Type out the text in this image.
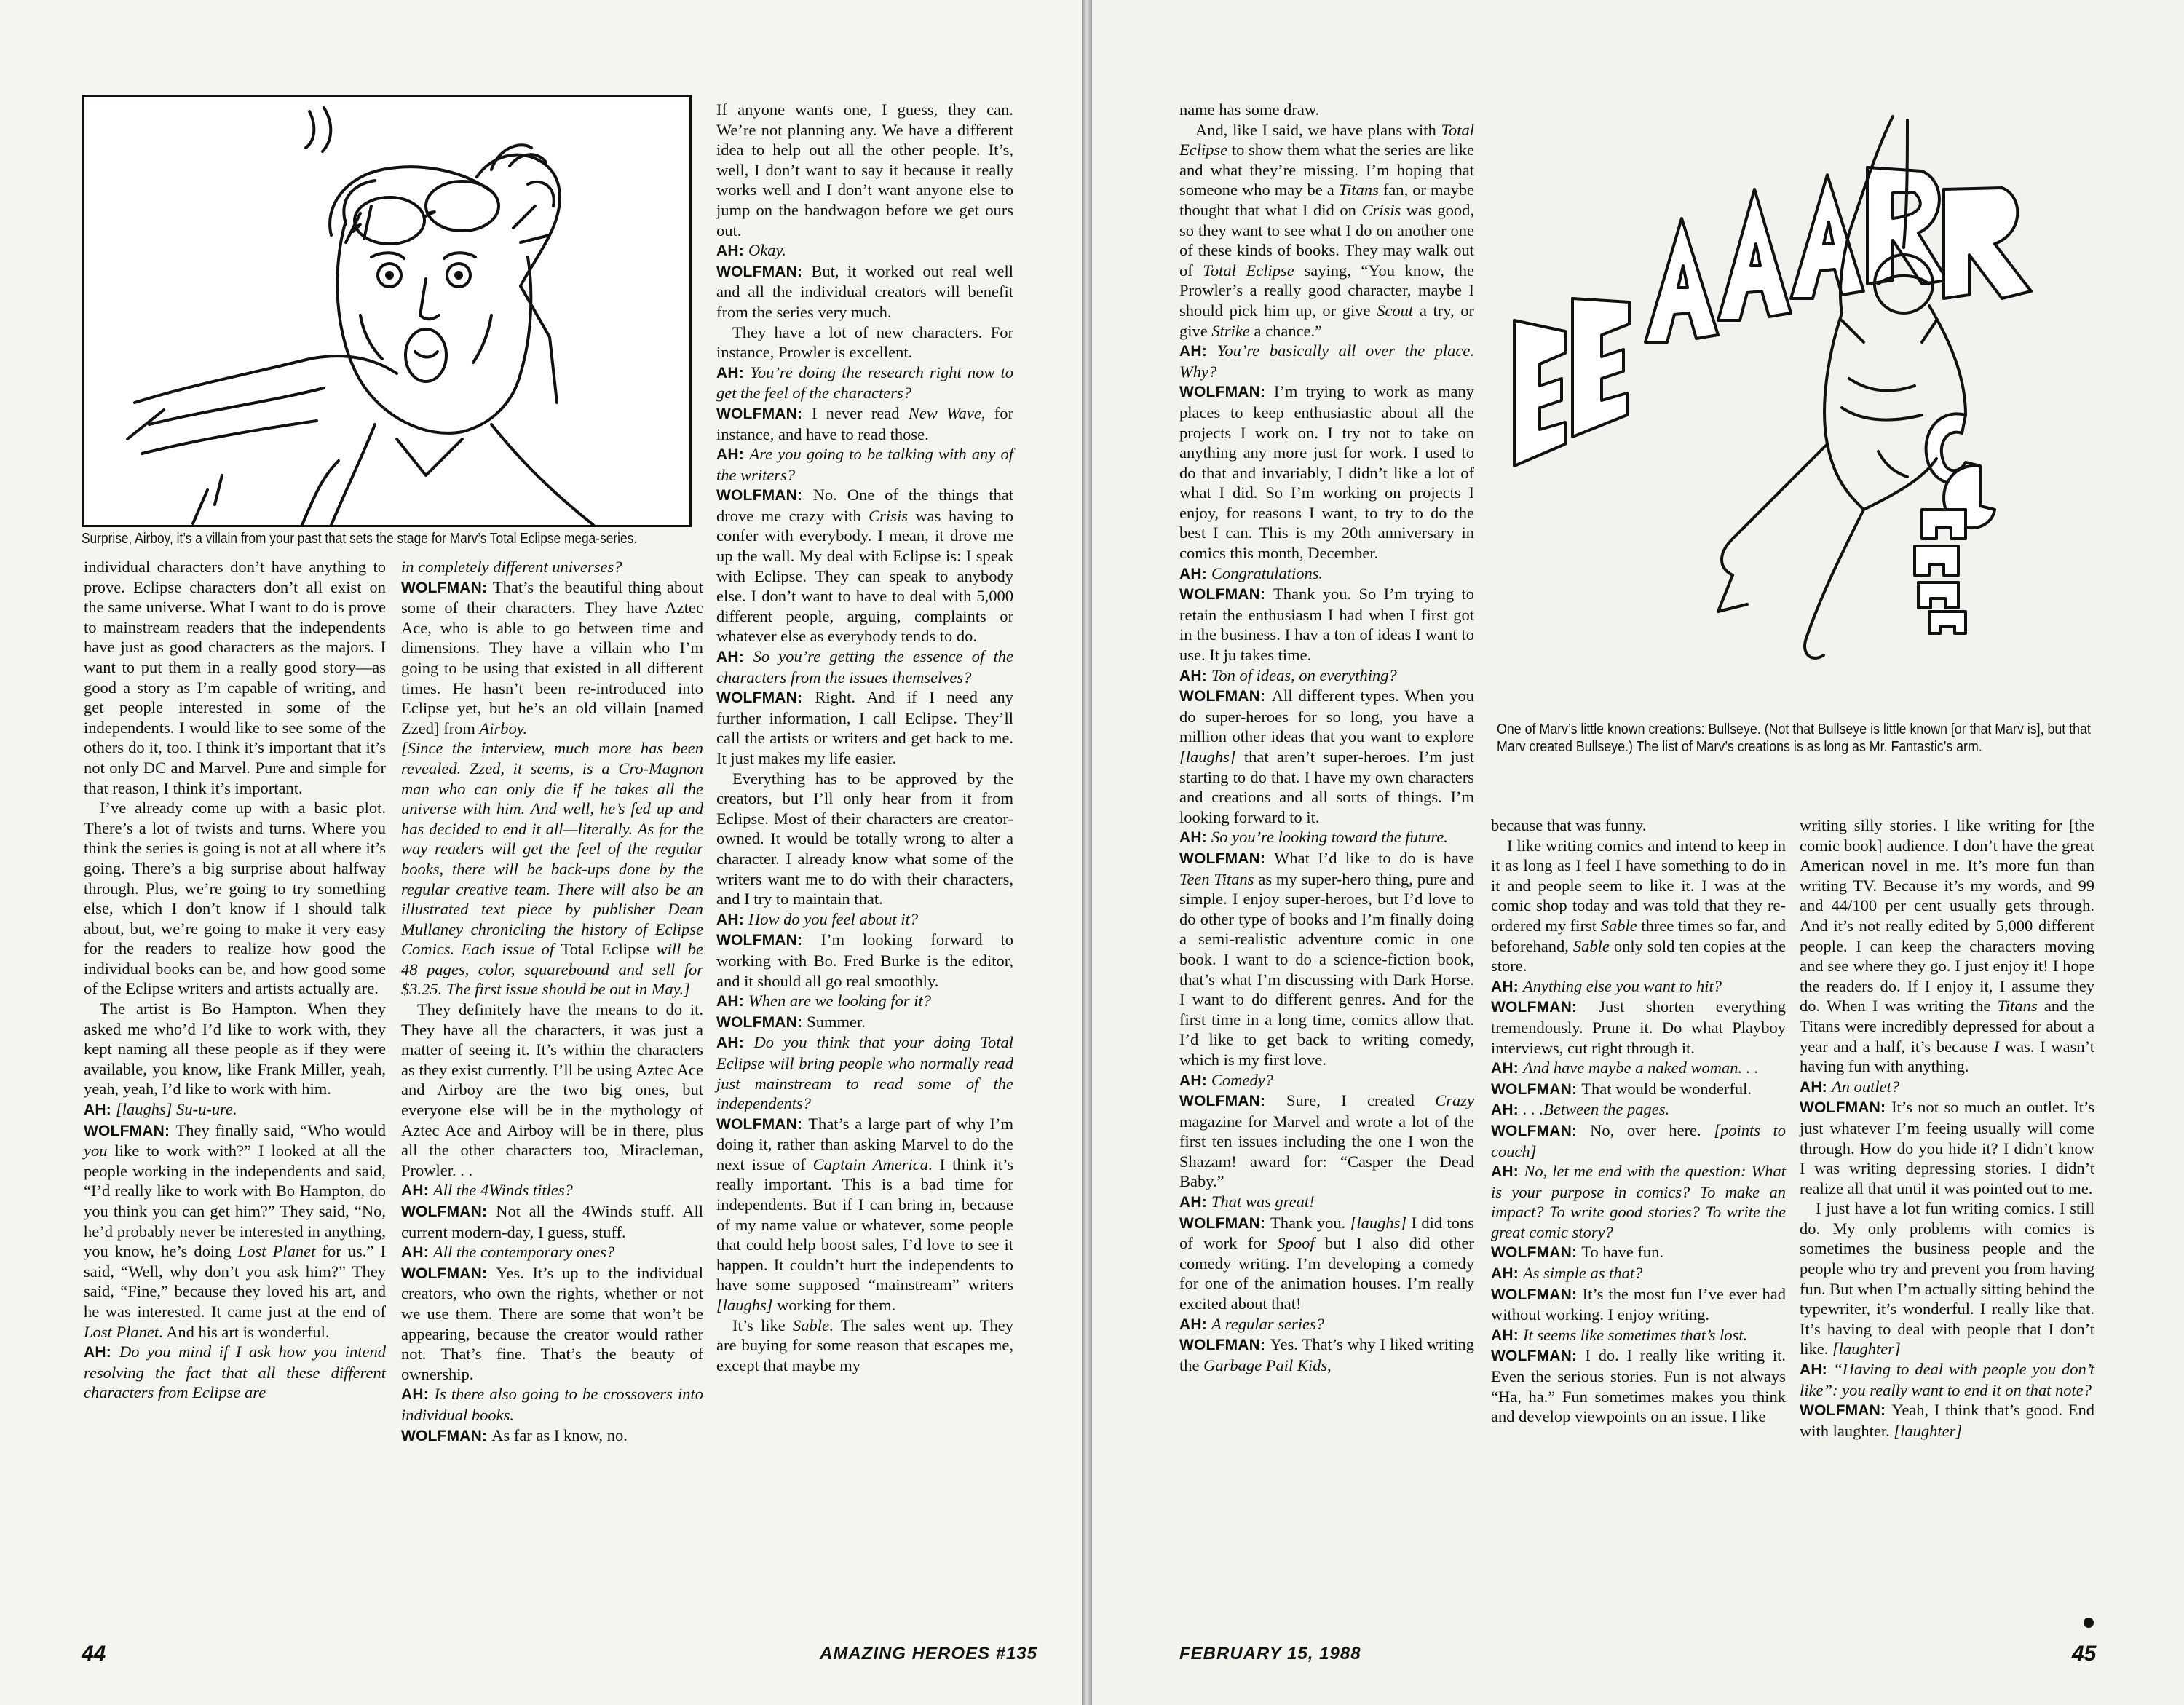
Surprise, Airboy, it’s a villain from your past that sets the stage for Marv’s Total Eclipse mega-series.

individual characters don’t have anything to prove. Eclipse characters don’t all exist on the same universe. What I want to do is prove to mainstream readers that the independents have just as good characters as the majors. I want to put them in a really good story—as good a story as I’m capable of writing, and get people interested in some of the independents. I would like to see some of the others do it, too. I think it’s important that it’s not only DC and Marvel. Pure and simple for that reason, I think it’s important.

I’ve already come up with a basic plot. There’s a lot of twists and turns. Where you think the series is going is not at all where it’s going. There’s a big surprise about halfway through. Plus, we’re going to try something else, which I don’t know if I should talk about, but, we’re going to make it very easy for the readers to realize how good the individual books can be, and how good some of the Eclipse writers and artists actually are.

The artist is Bo Hampton. When they asked me who’d I’d like to work with, they kept naming all these people as if they were available, you know, like Frank Miller, yeah, yeah, yeah, I’d like to work with him.

AH: [laughs] Su-u-ure.

WOLFMAN: They finally said, “Who would you like to work with?” I looked at all the people working in the independents and said, “I’d really like to work with Bo Hampton, do you think you can get him?” They said, “No, he’d probably never be interested in anything, you know, he’s doing Lost Planet for us.” I said, “Well, why don’t you ask him?” They said, “Fine,” because they loved his art, and he was interested. It came just at the end of Lost Planet. And his art is wonderful.

AH: Do you mind if I ask how you intend resolving the fact that all these different characters from Eclipse are

in completely different universes?

WOLFMAN: That’s the beautiful thing about some of their characters. They have Aztec Ace, who is able to go between time and dimensions. They have a villain who I’m going to be using that existed in all different times. He hasn’t been re-introduced into Eclipse yet, but he’s an old villain [named Zzed] from Airboy.

[Since the interview, much more has been revealed. Zzed, it seems, is a Cro-Magnon man who can only die if he takes all the universe with him. And well, he’s fed up and has decided to end it all—literally. As for the way readers will get the feel of the regular books, there will be back-ups done by the regular creative team. There will also be an illustrated text piece by publisher Dean Mullaney chronicling the history of Eclipse Comics. Each issue of Total Eclipse will be 48 pages, color, squarebound and sell for $3.25. The first issue should be out in May.]

They definitely have the means to do it. They have all the characters, it was just a matter of seeing it. It’s within the characters as they exist currently. I’ll be using Aztec Ace and Airboy are the two big ones, but everyone else will be in the mythology of Aztec Ace and Airboy will be in there, plus all the other characters too, Miracleman, Prowler. . .

AH: All the 4Winds titles?

WOLFMAN: Not all the 4Winds stuff. All current modern-day, I guess, stuff.

AH: All the contemporary ones?

WOLFMAN: Yes. It’s up to the individual creators, who own the rights, whether or not we use them. There are some that won’t be appearing, because the creator would rather not. That’s fine. That’s the beauty of ownership.

AH: Is there also going to be crossovers into individual books.

WOLFMAN: As far as I know, no.

If anyone wants one, I guess, they can. We’re not planning any. We have a different idea to help out all the other people. It’s, well, I don’t want to say it because it really works well and I don’t want anyone else to jump on the bandwagon before we get ours out.

AH: Okay.

WOLFMAN: But, it worked out real well and all the individual creators will benefit from the series very much.

They have a lot of new characters. For instance, Prowler is excellent.

AH: You’re doing the research right now to get the feel of the characters?

WOLFMAN: I never read New Wave, for instance, and have to read those.

AH: Are you going to be talking with any of the writers?

WOLFMAN: No. One of the things that drove me crazy with Crisis was having to confer with everybody. I mean, it drove me up the wall. My deal with Eclipse is: I speak with Eclipse. They can speak to anybody else. I don’t want to have to deal with 5,000 different people, arguing, complaints or whatever else as everybody tends to do.

AH: So you’re getting the essence of the characters from the issues themselves?

WOLFMAN: Right. And if I need any further information, I call Eclipse. They’ll call the artists or writers and get back to me. It just makes my life easier.

Everything has to be approved by the creators, but I’ll only hear from it from Eclipse. Most of their characters are creator-owned. It would be totally wrong to alter a character. I already know what some of the writers want me to do with their characters, and I try to maintain that.

AH: How do you feel about it?

WOLFMAN: I’m looking forward to working with Bo. Fred Burke is the editor, and it should all go real smoothly.

AH: When are we looking for it?

WOLFMAN: Summer.

AH: Do you think that your doing Total Eclipse will bring people who normally read just mainstream to read some of the independents?

WOLFMAN: That’s a large part of why I’m doing it, rather than asking Marvel to do the next issue of Captain America. I think it’s really important. This is a bad time for independents. But if I can bring in, because of my name value or whatever, some people that could help boost sales, I’d love to see it happen. It couldn’t hurt the independents to have some supposed “mainstream” writers [laughs] working for them.

It’s like Sable. The sales went up. They are buying for some reason that escapes me, except that maybe my

44	AMAZING HEROES #135

name has some draw.

And, like I said, we have plans with Total Eclipse to show them what the series are like and what they’re missing. I’m hoping that someone who may be a Titans fan, or maybe thought that what I did on Crisis was good, so they want to see what I do on another one of these kinds of books. They may walk out of Total Eclipse saying, “You know, the Prowler’s a really good character, maybe I should pick him up, or give Scout a try, or give Strike a chance.”

AH: You’re basically all over the place. Why?

WOLFMAN: I’m trying to work as many places to keep enthusiastic about all the projects I work on. I try not to take on anything any more just for work. I used to do that and invariably, I didn’t like a lot of what I did. So I’m working on projects I enjoy, for reasons I want, to try to do the best I can. This is my 20th anniversary in comics this month, December.

AH: Congratulations.

WOLFMAN: Thank you. So I’m trying to retain the enthusiasm I had when I first got in the business. I hav a ton of ideas I want to use. It ju takes time.

AH: Ton of ideas, on everything?

WOLFMAN: All different types. When you do super-heroes for so long, you have a million other ideas that you want to explore [laughs] that aren’t super-heroes. I’m just starting to do that. I have my own characters and creations and all sorts of things. I’m looking forward to it.

AH: So you’re looking toward the future.

WOLFMAN: What I’d like to do is have Teen Titans as my super-hero thing, pure and simple. I enjoy super-heroes, but I’d love to do other type of books and I’m finally doing a semi-realistic adventure comic in one book. I want to do a science-fiction book, that’s what I’m discussing with Dark Horse. I want to do different genres. And for the first time in a long time, comics allow that. I’d like to get back to writing comedy, which is my first love.

AH: Comedy?

WOLFMAN: Sure, I created Crazy magazine for Marvel and wrote a lot of the first ten issues including the one I won the Shazam! award for: “Casper the Dead Baby.”

AH: That was great!

WOLFMAN: Thank you. [laughs] I did tons of work for Spoof but I also did other comedy writing. I’m developing a comedy for one of the animation houses. I’m really excited about that!

AH: A regular series?

WOLFMAN: Yes. That’s why I liked writing the Garbage Pail Kids,

One of Marv’s little known creations: Bullseye. (Not that Bullseye is little known [or that Marv is], but that Marv created Bullseye.) The list of Marv’s creations is as long as Mr. Fantastic’s arm.

because that was funny.

I like writing comics and intend to keep in it as long as I feel I have something to do in it and people seem to like it. I was at the comic shop today and was told that they re-ordered my first Sable three times so far, and beforehand, Sable only sold ten copies at the store.

AH: Anything else you want to hit?

WOLFMAN: Just shorten everything tremendously. Prune it. Do what Playboy interviews, cut right through it.

AH: And have maybe a naked woman. . .

WOLFMAN: That would be wonderful.

AH: . . .Between the pages.

WOLFMAN: No, over here. [points to couch]

AH: No, let me end with the question: What is your purpose in comics? To make an impact? To write good stories? To write the great comic story?

WOLFMAN: To have fun.

AH: As simple as that?

WOLFMAN: It’s the most fun I’ve ever had without working. I enjoy writing.

AH: It seems like sometimes that’s lost.

WOLFMAN: I do. I really like writing it. Even the serious stories. Fun is not always “Ha, ha.” Fun sometimes makes you think and develop viewpoints on an issue. I like

writing silly stories. I like writing for [the comic book] audience. I don’t have the great American novel in me. It’s more fun than writing TV. Because it’s my words, and 99 and 44/100 per cent usually gets through. And it’s not really edited by 5,000 different people. I can keep the characters moving and see where they go. I just enjoy it! I hope the readers do. If I enjoy it, I assume they do. When I was writing the Titans and the Titans were incredibly depressed for about a year and a half, it’s because I was. I wasn’t having fun with anything.

AH: An outlet?

WOLFMAN: It’s not so much an outlet. It’s just whatever I’m feeing usually will come through. How do you hide it? I didn’t know I was writing depressing stories. I didn’t realize all that until it was pointed out to me.

I just have a lot fun writing comics. I still do. My only problems with comics is sometimes the business people and the people who try and prevent you from having fun. But when I’m actually sitting behind the typewriter, it’s wonderful. I really like that. It’s having to deal with people that I don’t like. [laughter]

AH: “Having to deal with people you don’t like”: you really want to end it on that note?

WOLFMAN: Yeah, I think that’s good. End with laughter. [laughter]

FEBRUARY 15, 1988	45
